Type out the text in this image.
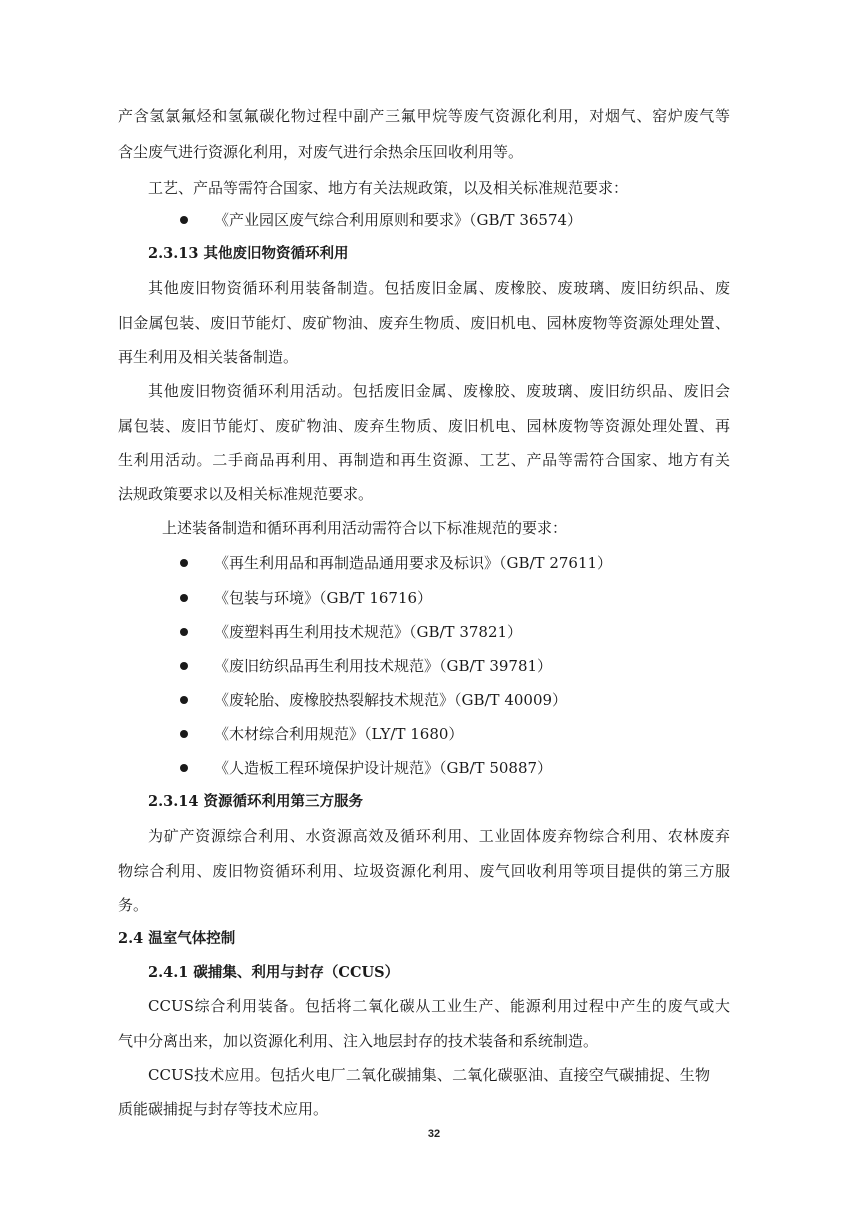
产含氢氯氟烃和氢氟碳化物过程中副产三氟甲烷等废气资源化利用，对烟气、窑炉废气等
含尘废气进行资源化利用，对废气进行余热余压回收利用等。
工艺、产品等需符合国家、地方有关法规政策，以及相关标准规范要求：
《产业园区废气综合利用原则和要求》（GB/T 36574）
2.3.13 其他废旧物资循环利用
其他废旧物资循环利用装备制造。包括废旧金属、废橡胶、废玻璃、废旧纺织品、废
旧金属包装、废旧节能灯、废矿物油、废弃生物质、废旧机电、园林废物等资源处理处置、
再生利用及相关装备制造。
其他废旧物资循环利用活动。包括废旧金属、废橡胶、废玻璃、废旧纺织品、废旧会
属包装、废旧节能灯、废矿物油、废弃生物质、废旧机电、园林废物等资源处理处置、再
生利用活动。二手商品再利用、再制造和再生资源、工艺、产品等需符合国家、地方有关
法规政策要求以及相关标准规范要求。
上述装备制造和循环再利用活动需符合以下标准规范的要求：
《再生利用品和再制造品通用要求及标识》（GB/T 27611）
《包装与环境》（GB/T 16716）
《废塑料再生利用技术规范》（GB/T 37821）
《废旧纺织品再生利用技术规范》（GB/T 39781）
《废轮胎、废橡胶热裂解技术规范》（GB/T 40009）
《木材综合利用规范》（LY/T 1680）
《人造板工程环境保护设计规范》（GB/T 50887）
2.3.14 资源循环利用第三方服务
为矿产资源综合利用、水资源高效及循环利用、工业固体废弃物综合利用、农林废弃
物综合利用、废旧物资循环利用、垃圾资源化利用、废气回收利用等项目提供的第三方服
务。
2.4 温室气体控制
2.4.1 碳捕集、利用与封存（CCUS）
CCUS综合利用装备。包括将二氧化碳从工业生产、能源利用过程中产生的废气或大
气中分离出来，加以资源化利用、注入地层封存的技术装备和系统制造。
CCUS技术应用。包括火电厂二氧化碳捕集、二氧化碳驱油、直接空气碳捕捉、生物
质能碳捕捉与封存等技术应用。
32
